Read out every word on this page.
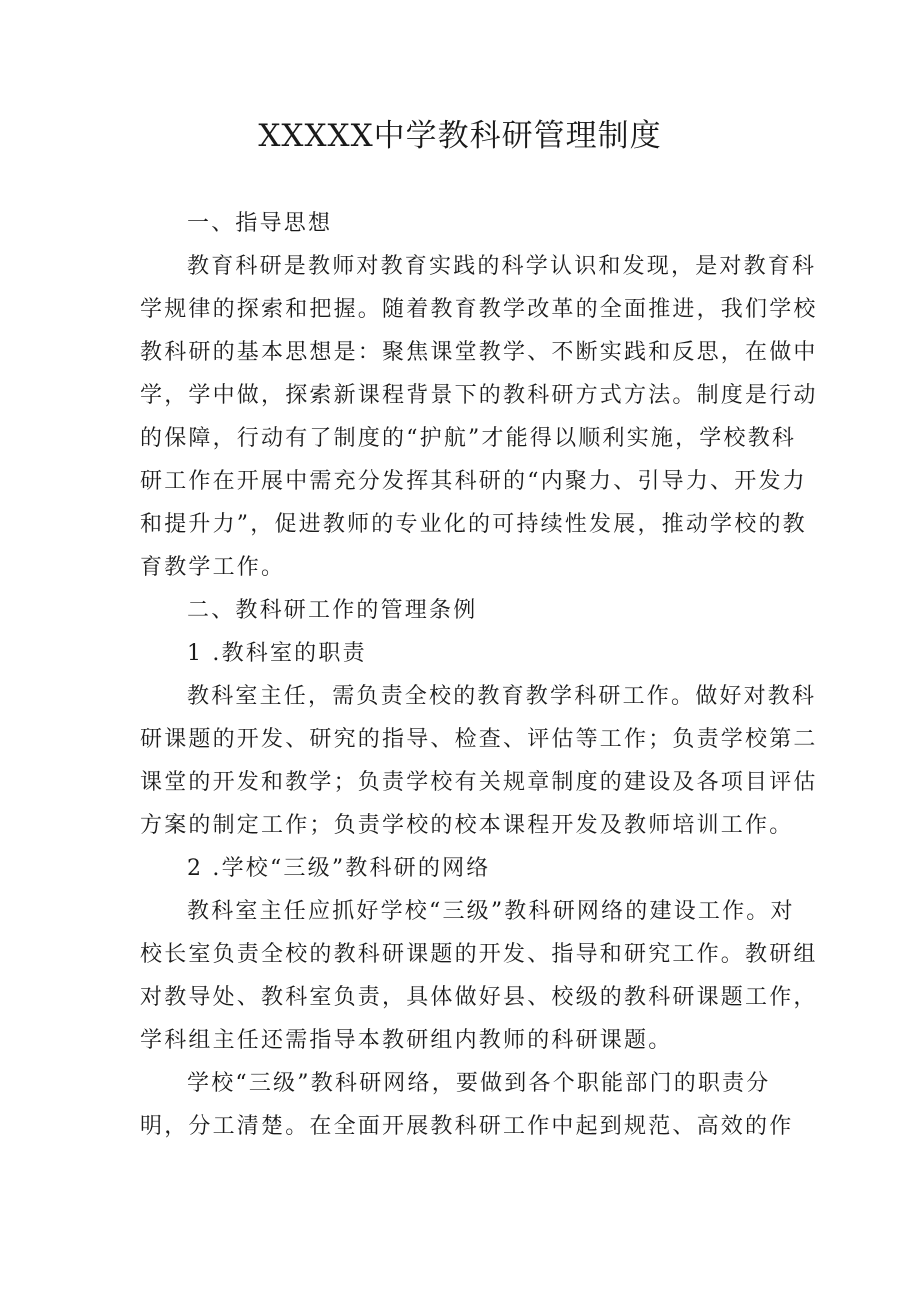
XXXXX中学教科研管理制度
一、指导思想
教育科研是教师对教育实践的科学认识和发现，是对教育科
学规律的探索和把握。随着教育教学改革的全面推进，我们学校
教科研的基本思想是：聚焦课堂教学、不断实践和反思，在做中
学，学中做，探索新课程背景下的教科研方式方法。制度是行动
的保障，行动有了制度的“护航”才能得以顺利实施，学校教科
研工作在开展中需充分发挥其科研的“内聚力、引导力、开发力
和提升力”，促进教师的专业化的可持续性发展，推动学校的教
育教学工作。
二、教科研工作的管理条例
1 .教科室的职责
教科室主任，需负责全校的教育教学科研工作。做好对教科
研课题的开发、研究的指导、检查、评估等工作；负责学校第二
课堂的开发和教学；负责学校有关规章制度的建设及各项目评估
方案的制定工作；负责学校的校本课程开发及教师培训工作。
2 .学校“三级”教科研的网络
教科室主任应抓好学校“三级”教科研网络的建设工作。对
校长室负责全校的教科研课题的开发、指导和研究工作。教研组
对教导处、教科室负责，具体做好县、校级的教科研课题工作，
学科组主任还需指导本教研组内教师的科研课题。
学校“三级”教科研网络，要做到各个职能部门的职责分
明，分工清楚。在全面开展教科研工作中起到规范、高效的作
